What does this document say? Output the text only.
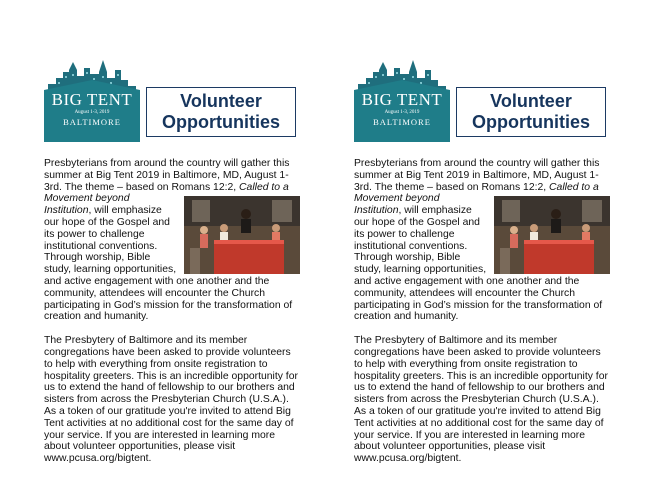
BIG TENT
August 1-3, 2019
BALTIMORE
Volunteer
Opportunities

Presbyterians from around the country will gather this summer at Big Tent 2019 in Baltimore, MD, August 1-3rd. The theme – based on Romans 12:2,
Called to a Movement beyond Institution, will emphasize our hope of the Gospel and its power to challenge institutional conventions. Through worship, Bible study, learning opportunities, and active engagement with one another and the community, attendees will encounter the Church participating in God’s mission for the transformation of creation and humanity.

The Presbytery of Baltimore and its member congregations have been asked to provide volunteers to help with everything from onsite registration to hospitality greeters. This is an incredible opportunity for us to extend the hand of fellowship to our brothers and sisters from across the Presbyterian Church (U.S.A.). As a token of our gratitude you're invited to attend Big Tent activities at no additional cost for the same day of your service. If you are interested in learning more about volunteer opportunities, please visit www.pcusa.org/bigtent.

BIG TENT
August 1-3, 2019
BALTIMORE
Volunteer
Opportunities

Presbyterians from around the country will gather this summer at Big Tent 2019 in Baltimore, MD, August 1-3rd. The theme – based on Romans 12:2,
Called to a Movement beyond Institution, will emphasize our hope of the Gospel and its power to challenge institutional conventions. Through worship, Bible study, learning opportunities, and active engagement with one another and the community, attendees will encounter the Church participating in God’s mission for the transformation of creation and humanity.

The Presbytery of Baltimore and its member congregations have been asked to provide volunteers to help with everything from onsite registration to hospitality greeters. This is an incredible opportunity for us to extend the hand of fellowship to our brothers and sisters from across the Presbyterian Church (U.S.A.). As a token of our gratitude you're invited to attend Big Tent activities at no additional cost for the same day of your service. If you are interested in learning more about volunteer opportunities, please visit www.pcusa.org/bigtent.
